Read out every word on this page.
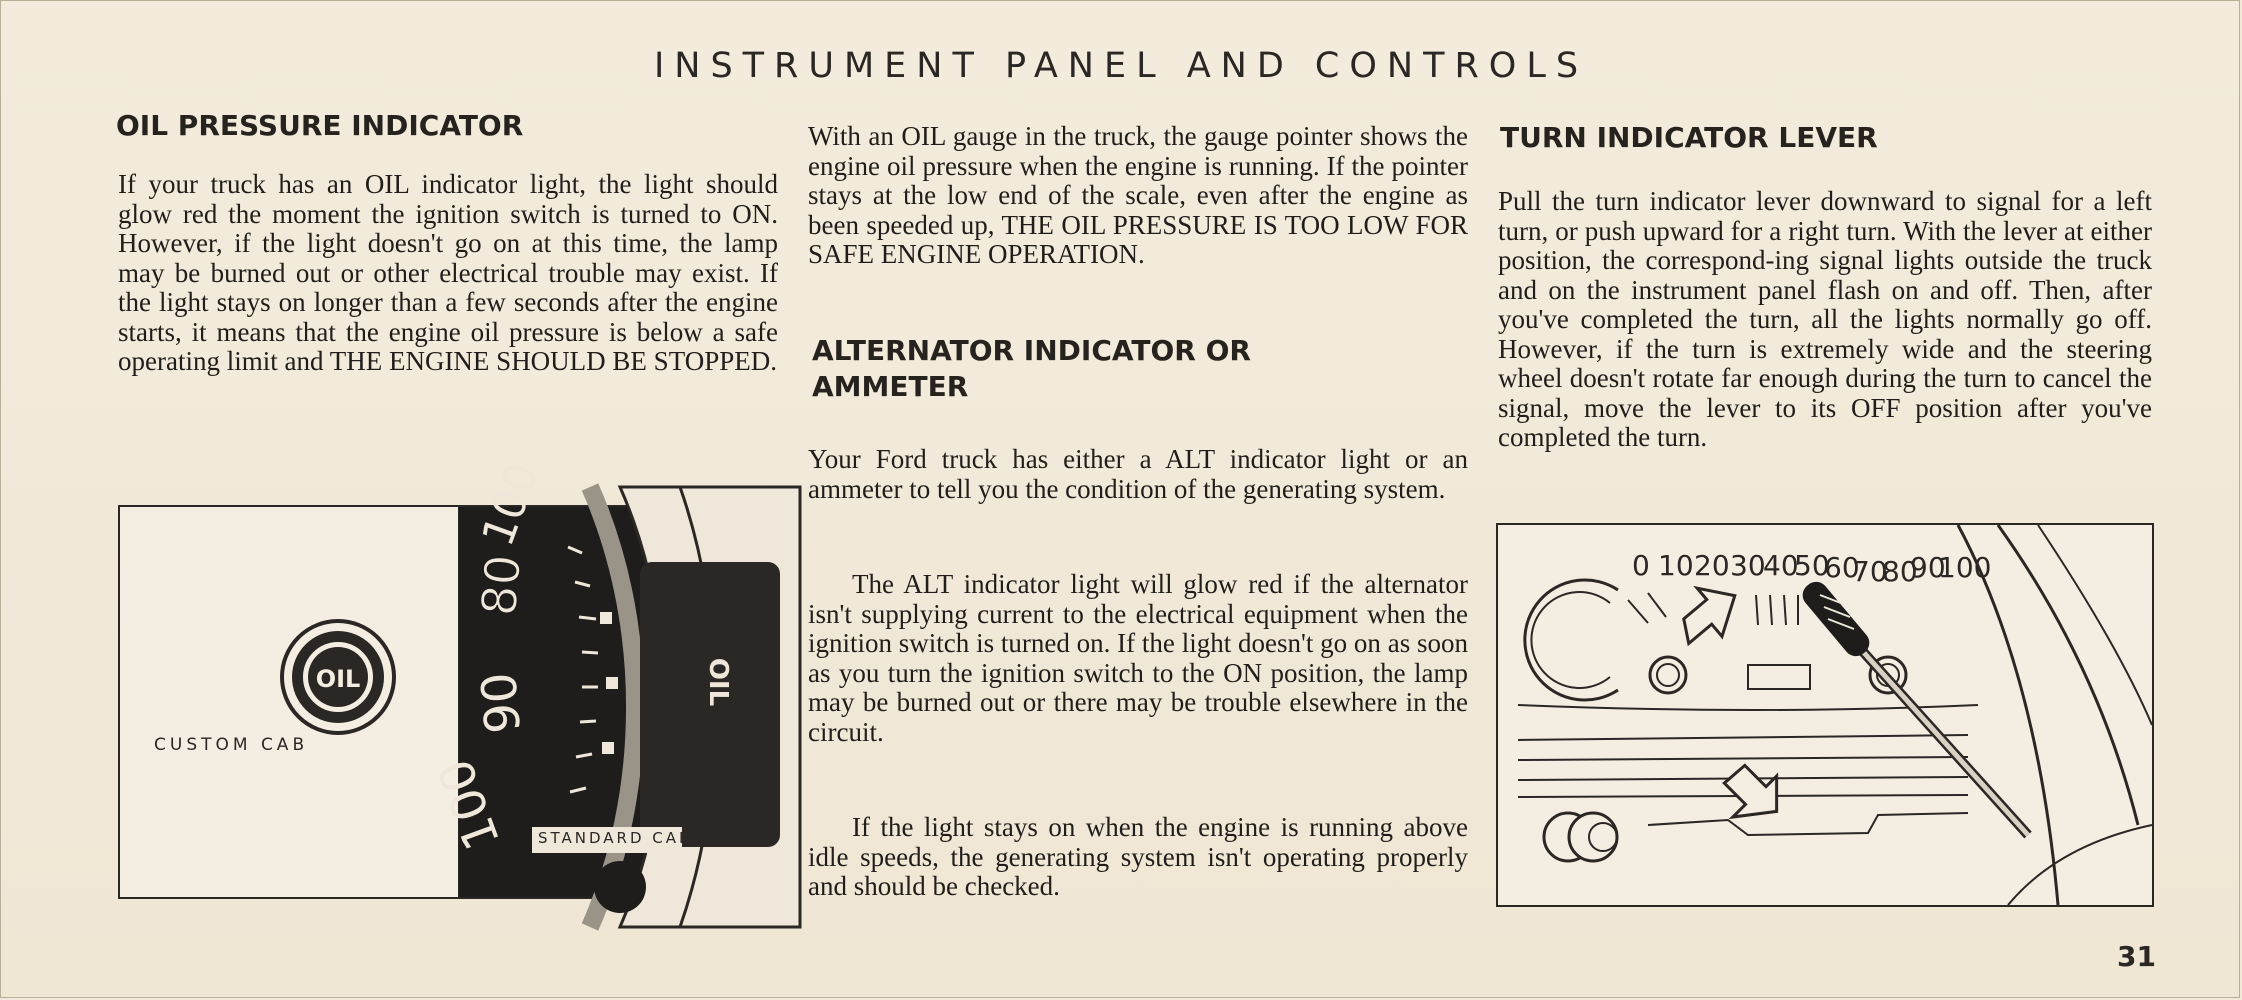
INSTRUMENT PANEL AND CONTROLS
OIL PRESSURE INDICATOR
If your truck has an OIL indicator light, the light should glow red the moment the ignition switch is turned to ON. However, if the light doesn't go on at this time, the lamp may be burned out or other electrical trouble may exist. If the light stays on longer than a few seconds after the engine starts, it means that the engine oil pressure is below a safe operating limit and THE ENGINE SHOULD BE STOPPED.
OIL	OIL
100
80
90
100
CUSTOM CAB
STANDARD CAB
With an OIL gauge in the truck, the gauge pointer shows the engine oil pressure when the engine is running. If the pointer stays at the low end of the scale, even after the engine as been speeded up, THE OIL PRESSURE IS TOO LOW FOR SAFE ENGINE OPERATION.
ALTERNATOR INDICATOR OR AMMETER
Your Ford truck has either a ALT indicator light or an ammeter to tell you the condition of the generating system.
The ALT indicator light will glow red if the alternator isn't supplying current to the electrical equipment when the ignition switch is turned on. If the light doesn't go on as soon as you turn the ignition switch to the ON position, the lamp may be burned out or there may be trouble elsewhere in the circuit.
If the light stays on when the engine is running above idle speeds, the generating system isn't operating properly and should be checked.
TURN INDICATOR LEVER
Pull the turn indicator lever downward to signal for a left turn, or push upward for a right turn. With the lever at either position, the correspond-ing signal lights outside the truck and on the instrument panel flash on and off. Then, after you've completed the turn, all the lights normally go off. However, if the turn is extremely wide and the steering wheel doesn't rotate far enough during the turn to cancel the signal, move the lever to its OFF position after you've completed the turn.
0 10 20 30
40
50
60
70
80
90
100
31
